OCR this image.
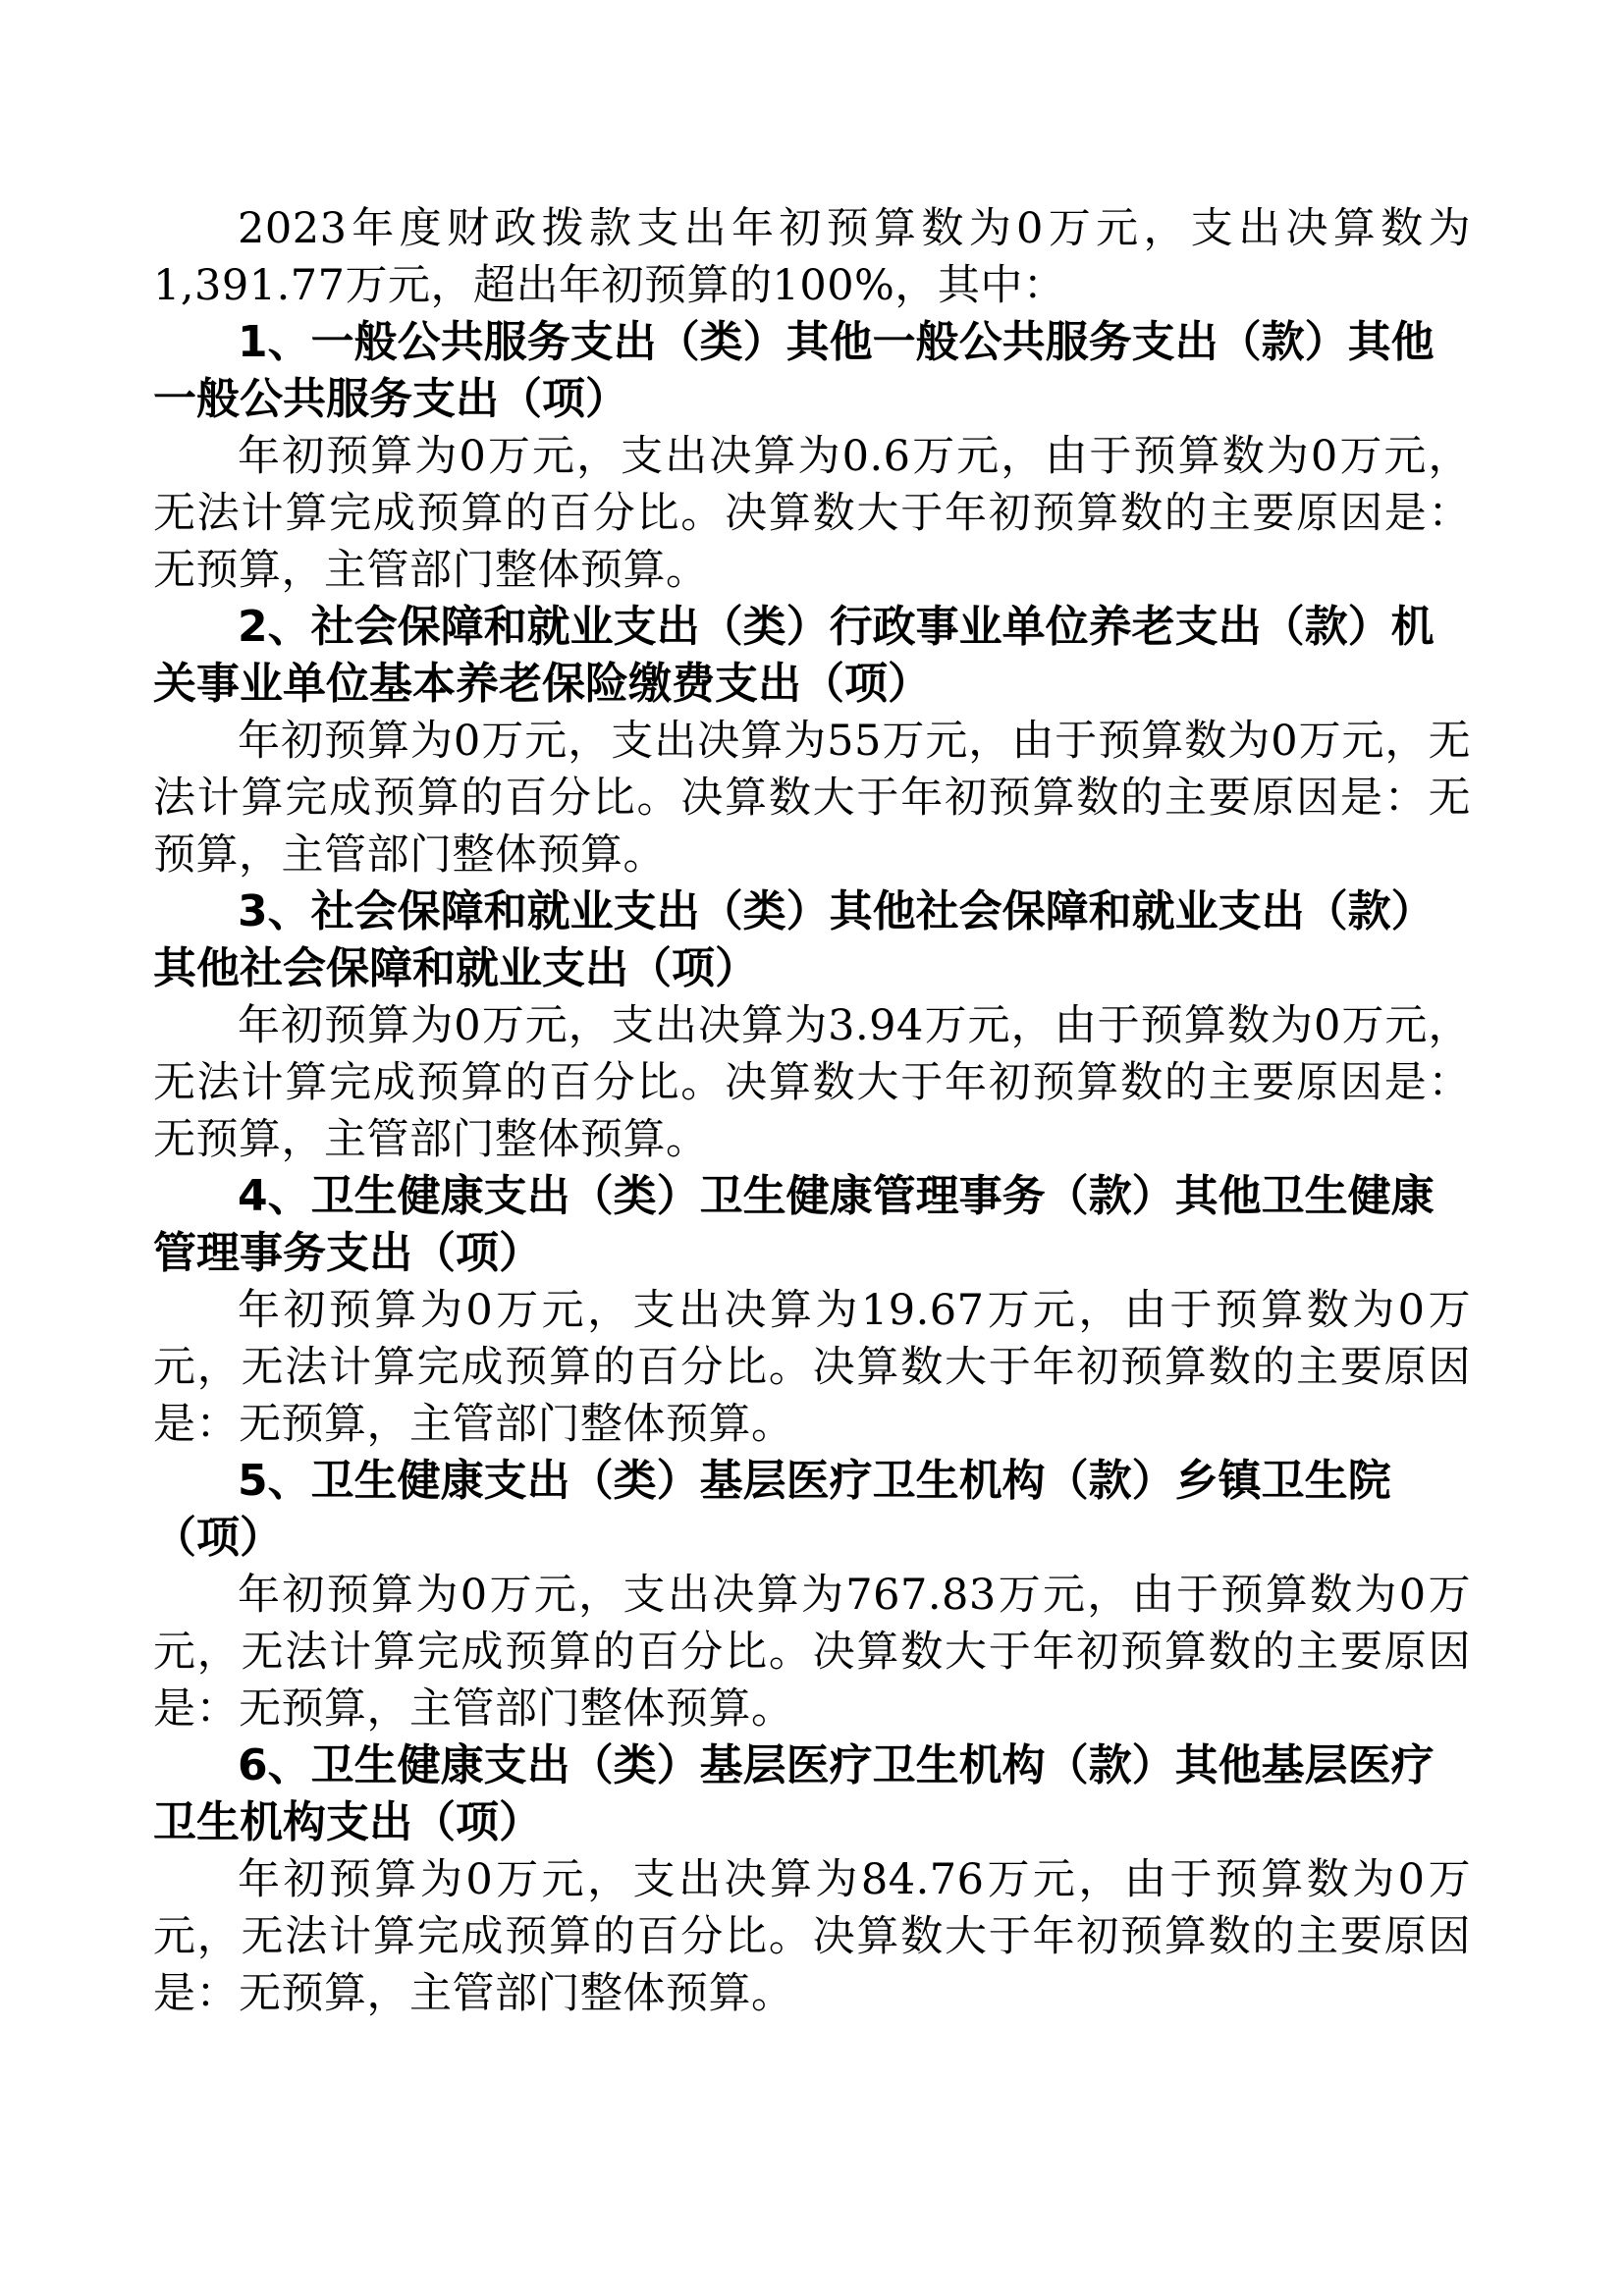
2023年度财政拨款支出年初预算数为0万元，支出决算数为1,391.77万元，超出年初预算的100%，其中：

1、一般公共服务支出（类）其他一般公共服务支出（款）其他一般公共服务支出（项）

年初预算为0万元，支出决算为0.6万元，由于预算数为0万元，无法计算完成预算的百分比。决算数大于年初预算数的主要原因是：无预算，主管部门整体预算。

2、社会保障和就业支出（类）行政事业单位养老支出（款）机关事业单位基本养老保险缴费支出（项）

年初预算为0万元，支出决算为55万元，由于预算数为0万元，无法计算完成预算的百分比。决算数大于年初预算数的主要原因是：无预算，主管部门整体预算。

3、社会保障和就业支出（类）其他社会保障和就业支出（款）其他社会保障和就业支出（项）

年初预算为0万元，支出决算为3.94万元，由于预算数为0万元，无法计算完成预算的百分比。决算数大于年初预算数的主要原因是：无预算，主管部门整体预算。

4、卫生健康支出（类）卫生健康管理事务（款）其他卫生健康管理事务支出（项）

年初预算为0万元，支出决算为19.67万元，由于预算数为0万元，无法计算完成预算的百分比。决算数大于年初预算数的主要原因是：无预算，主管部门整体预算。

5、卫生健康支出（类）基层医疗卫生机构（款）乡镇卫生院（项）

年初预算为0万元，支出决算为767.83万元，由于预算数为0万元，无法计算完成预算的百分比。决算数大于年初预算数的主要原因是：无预算，主管部门整体预算。

6、卫生健康支出（类）基层医疗卫生机构（款）其他基层医疗卫生机构支出（项）

年初预算为0万元，支出决算为84.76万元，由于预算数为0万元，无法计算完成预算的百分比。决算数大于年初预算数的主要原因是：无预算，主管部门整体预算。
